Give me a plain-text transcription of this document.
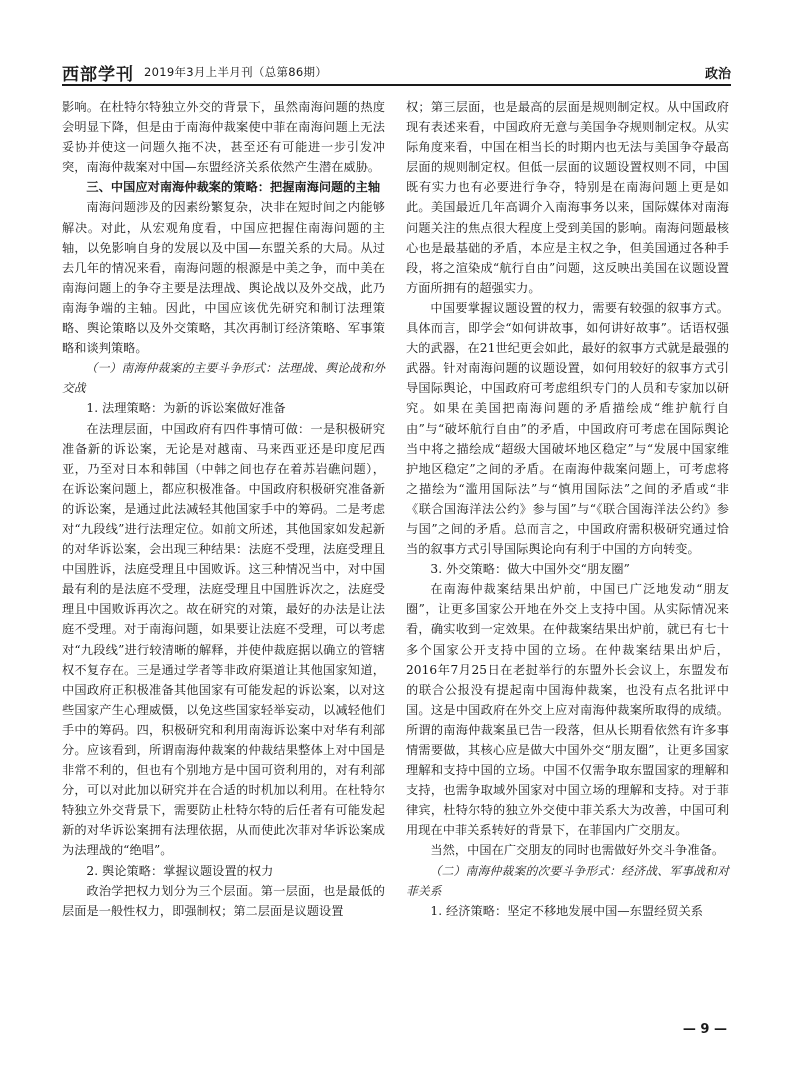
西部学刊 2019年3月上半月刊（总第86期）	政治

影响。在杜特尔特独立外交的背景下，虽然南海问题的热度会明显下降，但是由于南海仲裁案使中菲在南海问题上无法妥协并使这一问题久拖不决，甚至还有可能进一步引发冲突，南海仲裁案对中国—东盟经济关系依然产生潜在威胁。

三、中国应对南海仲裁案的策略：把握南海问题的主轴

南海问题涉及的因素纷繁复杂，决非在短时间之内能够解决。对此，从宏观角度看，中国应把握住南海问题的主轴，以免影响自身的发展以及中国—东盟关系的大局。从过去几年的情况来看，南海问题的根源是中美之争，而中美在南海问题上的争夺主要是法理战、舆论战以及外交战，此乃南海争端的主轴。因此，中国应该优先研究和制订法理策略、舆论策略以及外交策略，其次再制订经济策略、军事策略和谈判策略。

（一）南海仲裁案的主要斗争形式：法理战、舆论战和外交战

1. 法理策略：为新的诉讼案做好准备

在法理层面，中国政府有四件事情可做：一是积极研究准备新的诉讼案，无论是对越南、马来西亚还是印度尼西亚，乃至对日本和韩国（中韩之间也存在着苏岩礁问题），在诉讼案问题上，都应积极准备。中国政府积极研究准备新的诉讼案，是通过此法减轻其他国家手中的筹码。二是考虑对“九段线”进行法理定位。如前文所述，其他国家如发起新的对华诉讼案，会出现三种结果：法庭不受理，法庭受理且中国胜诉，法庭受理且中国败诉。这三种情况当中，对中国最有利的是法庭不受理，法庭受理且中国胜诉次之，法庭受理且中国败诉再次之。故在研究的对策，最好的办法是让法庭不受理。对于南海问题，如果要让法庭不受理，可以考虑对“九段线”进行较清晰的解释，并使仲裁庭据以确立的管辖权不复存在。三是通过学者等非政府渠道让其他国家知道，中国政府正积极准备其他国家有可能发起的诉讼案，以对这些国家产生心理威慑，以免这些国家轻举妄动，以减轻他们手中的筹码。四，积极研究和利用南海诉讼案中对华有利部分。应该看到，所谓南海仲裁案的仲裁结果整体上对中国是非常不利的，但也有个别地方是中国可资利用的，对有利部分，可以对此加以研究并在合适的时机加以利用。在杜特尔特独立外交背景下，需要防止杜特尔特的后任者有可能发起新的对华诉讼案拥有法理依据，从而使此次菲对华诉讼案成为法理战的“绝唱”。

2. 舆论策略：掌握议题设置的权力

政治学把权力划分为三个层面。第一层面，也是最低的层面是一般性权力，即强制权；第二层面是议题设置

权；第三层面，也是最高的层面是规则制定权。从中国政府现有表述来看，中国政府无意与美国争夺规则制定权。从实际角度来看，中国在相当长的时期内也无法与美国争夺最高层面的规则制定权。但低一层面的议题设置权则不同，中国既有实力也有必要进行争夺，特别是在南海问题上更是如此。美国最近几年高调介入南海事务以来，国际媒体对南海问题关注的焦点很大程度上受到美国的影响。南海问题最核心也是最基础的矛盾，本应是主权之争，但美国通过各种手段，将之渲染成“航行自由”问题，这反映出美国在议题设置方面所拥有的超强实力。

中国要掌握议题设置的权力，需要有较强的叙事方式。具体而言，即学会“如何讲故事，如何讲好故事”。话语权强大的武器，在21世纪更会如此，最好的叙事方式就是最强的武器。针对南海问题的议题设置，如何用较好的叙事方式引导国际舆论，中国政府可考虑组织专门的人员和专家加以研究。如果在美国把南海问题的矛盾描绘成“维护航行自由”与“破坏航行自由”的矛盾，中国政府可考虑在国际舆论当中将之描绘成“超级大国破坏地区稳定”与“发展中国家维护地区稳定”之间的矛盾。在南海仲裁案问题上，可考虑将之描绘为“滥用国际法”与“慎用国际法”之间的矛盾或“非《联合国海洋法公约》参与国”与“《联合国海洋法公约》参与国”之间的矛盾。总而言之，中国政府需积极研究通过恰当的叙事方式引导国际舆论向有利于中国的方向转变。

3. 外交策略：做大中国外交“朋友圈”

在南海仲裁案结果出炉前，中国已广泛地发动“朋友圈”，让更多国家公开地在外交上支持中国。从实际情况来看，确实收到一定效果。在仲裁案结果出炉前，就已有七十多个国家公开支持中国的立场。在仲裁案结果出炉后，2016年7月25日在老挝举行的东盟外长会议上，东盟发布的联合公报没有提起南中国海仲裁案，也没有点名批评中国。这是中国政府在外交上应对南海仲裁案所取得的成绩。所谓的南海仲裁案虽已告一段落，但从长期看依然有许多事情需要做，其核心应是做大中国外交“朋友圈”，让更多国家理解和支持中国的立场。中国不仅需争取东盟国家的理解和支持，也需争取域外国家对中国立场的理解和支持。对于菲律宾，杜特尔特的独立外交使中菲关系大为改善，中国可利用现在中菲关系转好的背景下，在菲国内广交朋友。

当然，中国在广交朋友的同时也需做好外交斗争准备。

（二）南海仲裁案的次要斗争形式：经济战、军事战和对菲关系

1. 经济策略：坚定不移地发展中国—东盟经贸关系

— 9 —
